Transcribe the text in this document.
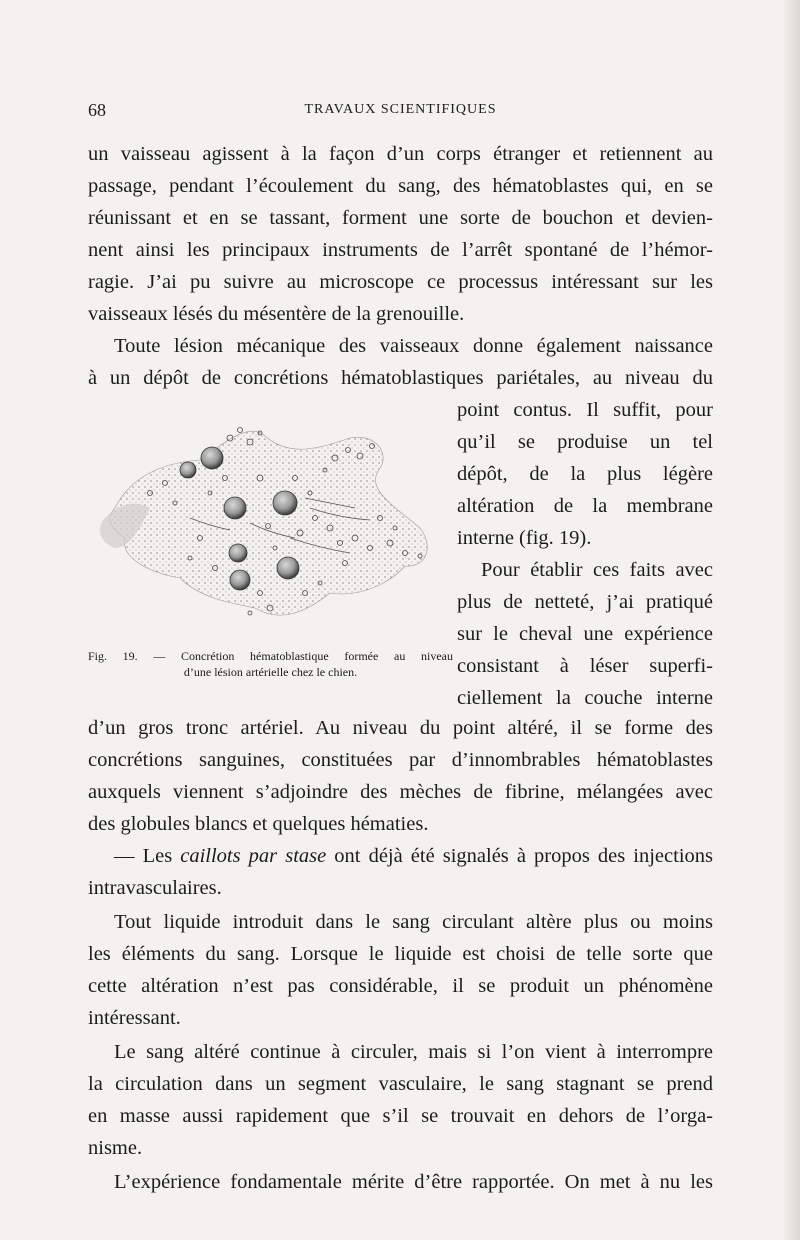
68	TRAVAUX SCIENTIFIQUES
un vaisseau agissent à la façon d’un corps étranger et retiennent au
passage, pendant l’écoulement du sang, des hématoblastes qui, en se
réunissant et en se tassant, forment une sorte de bouchon et devien-
nent ainsi les principaux instruments de l’arrêt spontané de l’hémor-
ragie. J’ai pu suivre au microscope ce processus intéressant sur les
vaisseaux lésés du mésentère de la grenouille.
Toute lésion mécanique des vaisseaux donne également naissance
à un dépôt de concrétions hématoblastiques pariétales, au niveau du
point contus. Il suffit, pour
qu’il se produise un tel
dépôt, de la plus légère
altération de la membrane
interne (fig. 19).
Pour établir ces faits avec
plus de netteté, j’ai pratiqué
sur le cheval une expérience
consistant à léser superfi-
ciellement la couche interne
Fig. 19. — Concrétion hématoblastique formée au niveau
d’une lésion artérielle chez le chien.
d’un gros tronc artériel. Au niveau du point altéré, il se forme des
concrétions sanguines, constituées par d’innombrables hématoblastes
auxquels viennent s’adjoindre des mèches de fibrine, mélangées avec
des globules blancs et quelques hématies.
— Les caillots par stase ont déjà été signalés à propos des injections
intravasculaires.
Tout liquide introduit dans le sang circulant altère plus ou moins
les éléments du sang. Lorsque le liquide est choisi de telle sorte que
cette altération n’est pas considérable, il se produit un phénomène
intéressant.
Le sang altéré continue à circuler, mais si l’on vient à interrompre
la circulation dans un segment vasculaire, le sang stagnant se prend
en masse aussi rapidement que s’il se trouvait en dehors de l’orga-
nisme.
L’expérience fondamentale mérite d’être rapportée. On met à nu les
